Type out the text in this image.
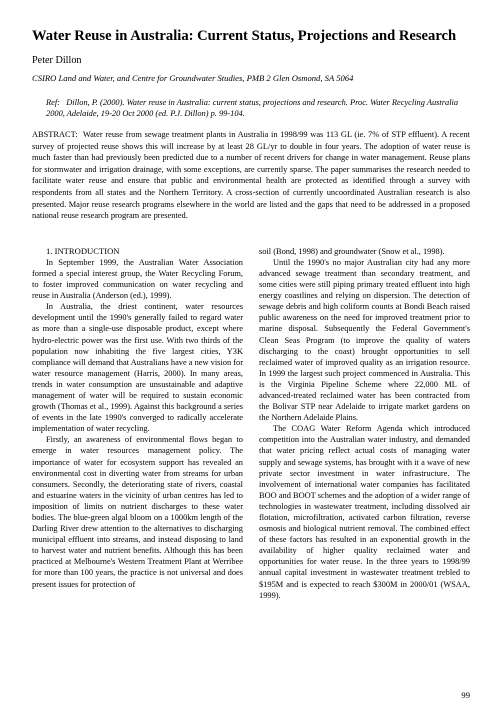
Water Reuse in Australia: Current Status, Projections and Research
Peter Dillon
CSIRO Land and Water, and Centre for Groundwater Studies, PMB 2 Glen Osmond, SA 5064
Ref: Dillon, P. (2000). Water reuse in Australia: current status, projections and research. Proc. Water Recycling Australia 2000, Adelaide, 19-20 Oct 2000 (ed. P.J. Dillon) p. 99-104.
ABSTRACT: Water reuse from sewage treatment plants in Australia in 1998/99 was 113 GL (ie. 7% of STP effluent). A recent survey of projected reuse shows this will increase by at least 28 GL/yr to double in four years. The adoption of water reuse is much faster than had previously been predicted due to a number of recent drivers for change in water management. Reuse plans for stormwater and irrigation drainage, with some exceptions, are currently sparse. The paper summarises the research needed to facilitate water reuse and ensure that public and environmental health are protected as identified through a survey with respondents from all states and the Northern Territory. A cross-section of currently uncoordinated Australian research is also presented. Major reuse research programs elsewhere in the world are listed and the gaps that need to be addressed in a proposed national reuse research program are presented.

1. INTRODUCTION

In September 1999, the Australian Water Association formed a special interest group, the Water Recycling Forum, to foster improved communication on water recycling and reuse in Australia (Anderson (ed.), 1999).

In Australia, the driest continent, water resources development until the 1990's generally failed to regard water as more than a single-use disposable product, except where hydro-electric power was the first use. With two thirds of the population now inhabiting the five largest cities, Y3K compliance will demand that Australians have a new vision for water resource management (Harris, 2000). In many areas, trends in water consumption are unsustainable and adaptive management of water will be required to sustain economic growth (Thomas et al., 1999). Against this background a series of events in the late 1990's converged to radically accelerate implementation of water recycling.

Firstly, an awareness of environmental flows began to emerge in water resources management policy. The importance of water for ecosystem support has revealed an environmental cost in diverting water from streams for urban consumers. Secondly, the deteriorating state of rivers, coastal and estuarine waters in the vicinity of urban centres has led to imposition of limits on nutrient discharges to these water bodies. The blue-green algal bloom on a 1000km length of the Darling River drew attention to the alternatives to discharging municipal effluent into streams, and instead disposing to land to harvest water and nutrient benefits. Although this has been practiced at Melbourne's Western Treatment Plant at Werribee for more than 100 years, the practice is not universal and does present issues for protection of

soil (Bond, 1998) and groundwater (Snow et al., 1998).

Until the 1990's no major Australian city had any more advanced sewage treatment than secondary treatment, and some cities were still piping primary treated effluent into high energy coastlines and relying on dispersion. The detection of sewage debris and high coliform counts at Bondi Beach raised public awareness on the need for improved treatment prior to marine disposal. Subsequently the Federal Government's Clean Seas Program (to improve the quality of waters discharging to the coast) brought opportunities to sell reclaimed water of improved quality as an irrigation resource. In 1999 the largest such project commenced in Australia. This is the Virginia Pipeline Scheme where 22,000 ML of advanced-treated reclaimed water has been contracted from the Bolivar STP near Adelaide to irrigate market gardens on the Northern Adelaide Plains.

The COAG Water Reform Agenda which introduced competition into the Australian water industry, and demanded that water pricing reflect actual costs of managing water supply and sewage systems, has brought with it a wave of new private sector investment in water infrastructure. The involvement of international water companies has facilitated BOO and BOOT schemes and the adoption of a wider range of technologies in wastewater treatment, including dissolved air flotation, microfiltration, activated carbon filtration, reverse osmosis and biological nutrient removal. The combined effect of these factors has resulted in an exponential growth in the availability of higher quality reclaimed water and opportunities for water reuse. In the three years to 1998/99 annual capital investment in wastewater treatment trebled to $195M and is expected to reach $300M in 2000/01 (WSAA, 1999).

99
